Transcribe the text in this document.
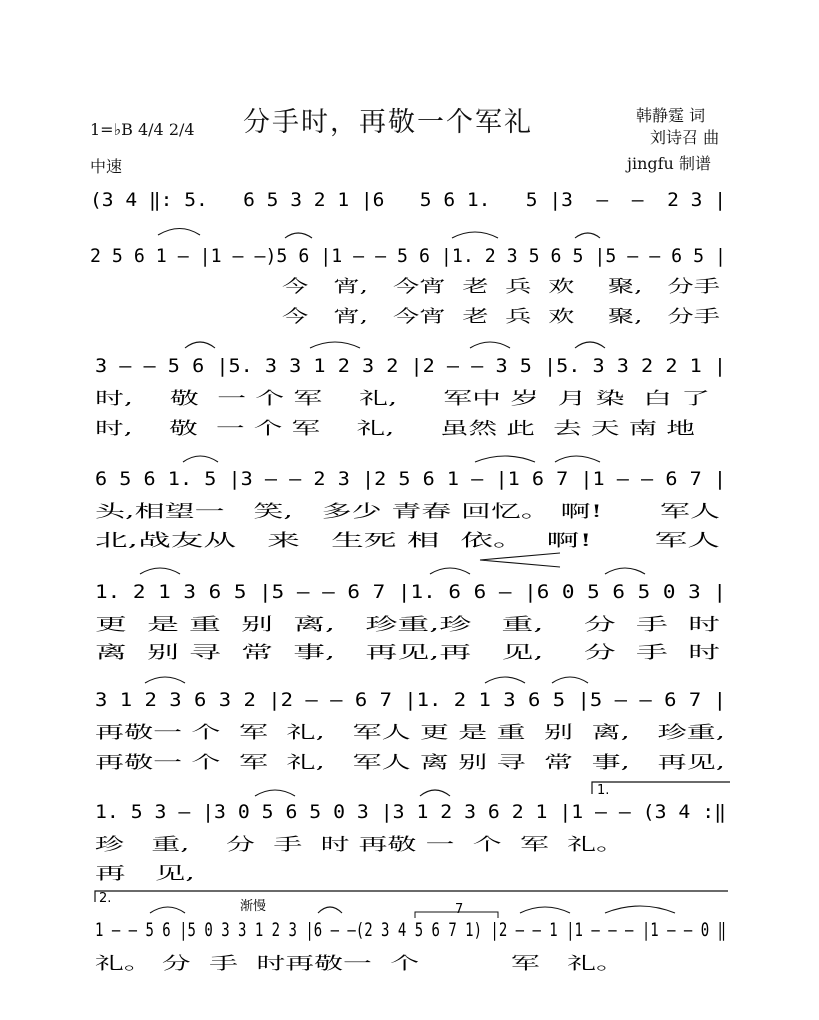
分手时，再敬一个军礼
1=♭B 4/4 2/4
中速
韩静霆 词
刘诗召 曲
jingfu 制谱
(3 4 ‖: 5.   6 5 3 2 1 |6   5 6 1.   5 |3  –  –  2 3 |
2 5 6 1 – |1 – –)5 6 |1 – – 5 6 |1. 2 3 5 6 5 |5 – – 6 5 |
今   宵,   今宵  老  兵  欢    聚,   分手
今   宵,   今宵  老  兵  欢    聚,   分手
3 – – 5 6 |5. 3 3 1 2 3 2 |2 – – 3 5 |5. 3 3 2 2 1 |
时,    敬  一 个 军    礼,     军中 岁  月 染  白 了
时,    敬  一 个 军    礼,     虽然 此  去 天 南 地
6 5 6 1. 5 |3 – – 2 3 |2 5 6 1 – |1 6 7 |1 – – 6 7 |
头,相望一   笑,   多少 青春 回忆。 啊!      军人
北,战友从   来   生死 相  依。  啊!      军人
1. 2 1 3 6 5 |5 – – 6 7 |1. 6 6 – |6 0 5 6 5 0 3 |
更  是 重  别  离,   珍重,珍   重,    分  手  时
离  别 寻  常  事,   再见,再   见,    分  手  时
3 1 2 3 6 3 2 |2 – – 6 7 |1. 2 1 3 6 5 |5 – – 6 7 |
再敬一 个  军  礼,   军人 更 是 重  别  离,   珍重,
再敬一 个  军  礼,   军人 离 别 寻  常  事,   再见,
1.
1. 5 3 – |3 0 5 6 5 0 3 |3 1 2 3 6 2 1 |1 – – (3 4 :‖
珍   重,    分  手  时 再敬 一  个  军  礼。
再   见,
2.
渐慢	7
1 – – 5 6 |5 0 3 3 1 2 3 |6 – –(2 3 4 5 6 7 1) |2 – – 1 |1 – – – |1 – – 0 ‖
礼。 分  手  时再敬一  个          军   礼。
